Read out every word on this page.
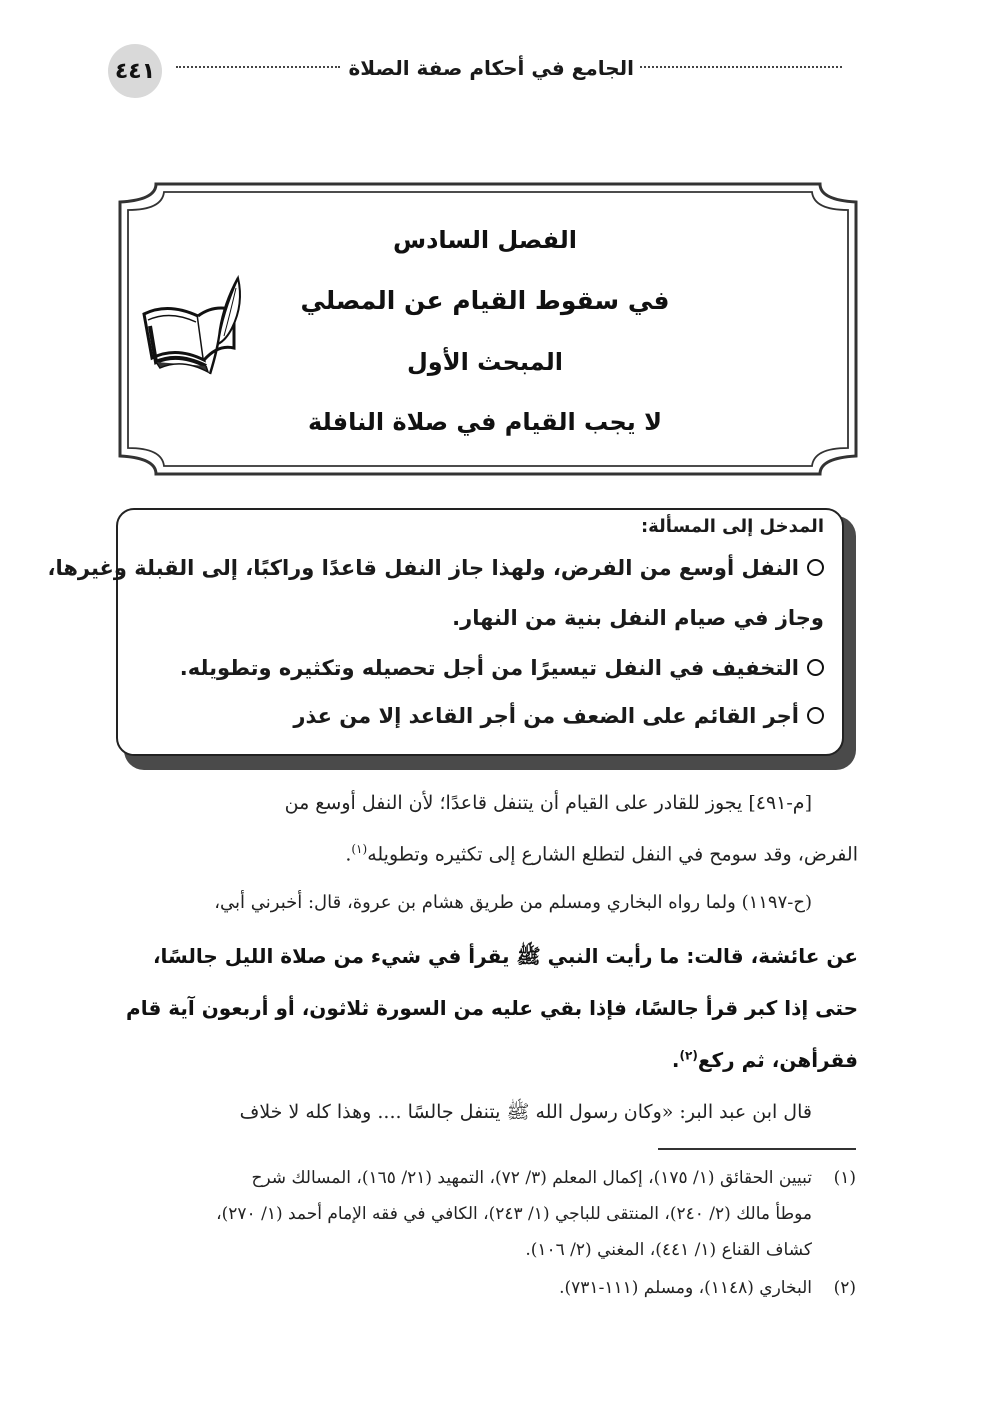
٤٤١	الجامع في أحكام صفة الصلاة
الفصل السادس
في سقوط القيام عن المصلي
المبحث الأول
لا يجب القيام في صلاة النافلة
المدخل إلى المسألة:
النفل أوسع من الفرض، ولهذا جاز النفل قاعدًا وراكبًا، إلى القبلة وغيرها،
وجاز في صيام النفل بنية من النهار.
التخفيف في النفل تيسيرًا من أجل تحصيله وتكثيره وتطويله.
أجر القائم على الضعف من أجر القاعد إلا من عذر
[م-٤٩١] يجوز للقادر على القيام أن يتنفل قاعدًا؛ لأن النفل أوسع من
الفرض، وقد سومح في النفل لتطلع الشارع إلى تكثيره وتطويله$^{(١)}$.
(ح-١١٩٧) ولما رواه البخاري ومسلم من طريق هشام بن عروة، قال: أخبرني أبي،
عن عائشة، قالت: ما رأيت النبي ﷺ يقرأ في شيء من صلاة الليل جالسًا،
حتى إذا كبر قرأ جالسًا، فإذا بقي عليه من السورة ثلاثون، أو أربعون آية قام
فقرأهن، ثم ركع$^{(٢)}$.
قال ابن عبد البر: «وكان رسول الله ﷺ يتنفل جالسًا .... وهذا كله لا خلاف
(١)
تبيين الحقائق (١/ ١٧٥)، إكمال المعلم (٣/ ٧٢)، التمهيد (٢١/ ١٦٥)، المسالك شرح
موطأ مالك (٢/ ٢٤٠)، المنتقى للباجي (١/ ٢٤٣)، الكافي في فقه الإمام أحمد (١/ ٢٧٠)،
كشاف القناع (١/ ٤٤١)، المغني (٢/ ١٠٦).
(٢)
البخاري (١١٤٨)، ومسلم (١١١-٧٣١).
